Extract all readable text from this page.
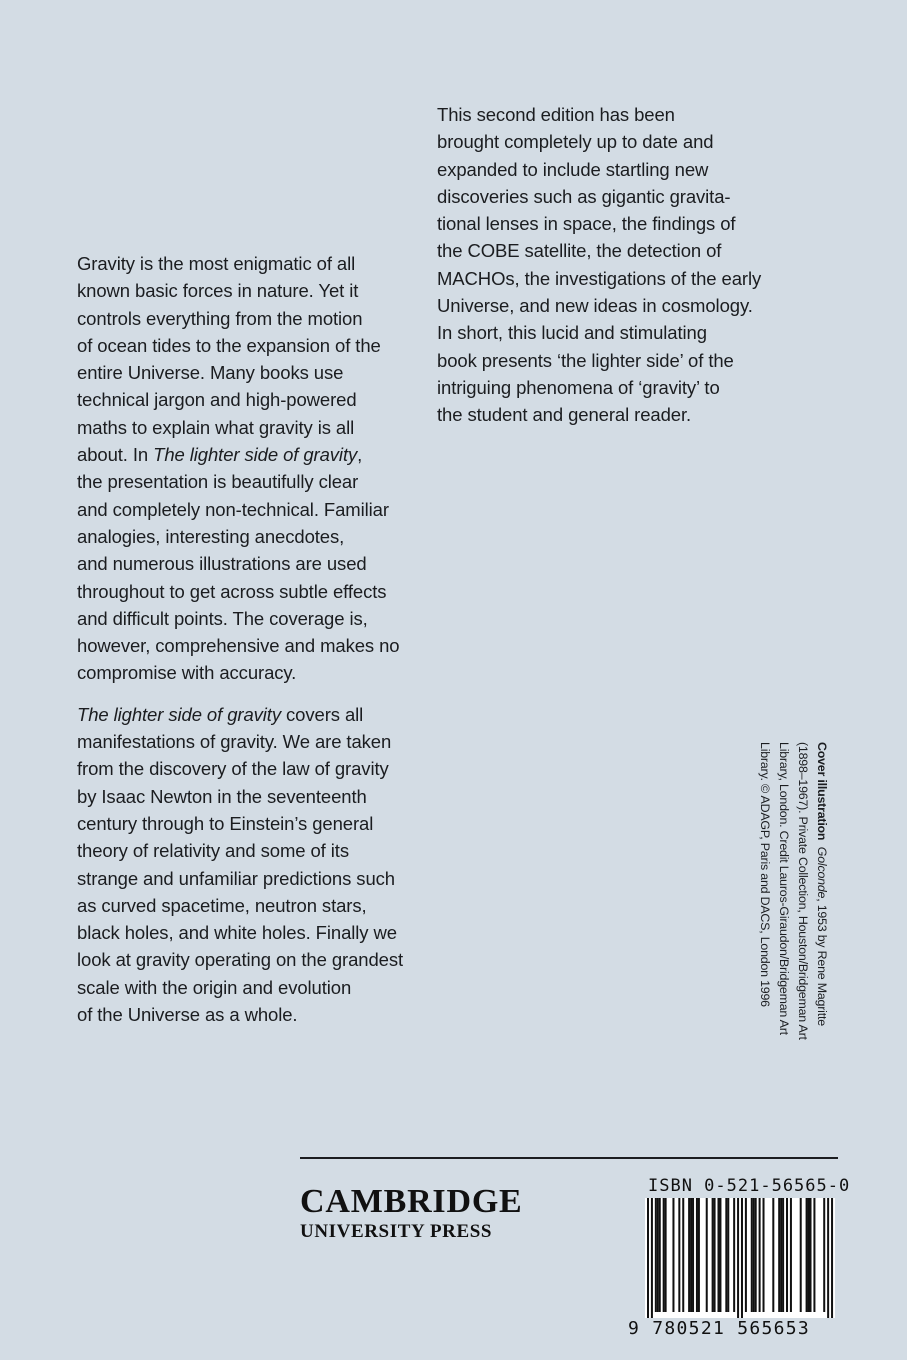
Gravity is the most enigmatic of all
known basic forces in nature. Yet it
controls everything from the motion
of ocean tides to the expansion of the
entire Universe. Many books use
technical jargon and high-powered
maths to explain what gravity is all
about. In The lighter side of gravity,
the presentation is beautifully clear
and completely non-technical. Familiar
analogies, interesting anecdotes,
and numerous illustrations are used
throughout to get across subtle effects
and difficult points. The coverage is,
however, comprehensive and makes no
compromise with accuracy.

The lighter side of gravity covers all
manifestations of gravity. We are taken
from the discovery of the law of gravity
by Isaac Newton in the seventeenth
century through to Einstein’s general
theory of relativity and some of its
strange and unfamiliar predictions such
as curved spacetime, neutron stars,
black holes, and white holes. Finally we
look at gravity operating on the grandest
scale with the origin and evolution
of the Universe as a whole.

This second edition has been
brought completely up to date and
expanded to include startling new
discoveries such as gigantic gravita-
tional lenses in space, the findings of
the COBE satellite, the detection of
MACHOs, the investigations of the early
Universe, and new ideas in cosmology.
In short, this lucid and stimulating
book presents ‘the lighter side’ of the
intriguing phenomena of ‘gravity’ to
the student and general reader.

Cover illustration  Golconde, 1953 by Rene Magritte
(1898–1967). Private Collection, Houston/Bridgeman Art
Library, London. Credit Lauros-Giraudon/Bridgeman Art
Library. © ADAGP, Paris and DACS, London 1996
CAMBRIDGE
UNIVERSITY PRESS
ISBN 0-521-56565-0
9 780521 565653
